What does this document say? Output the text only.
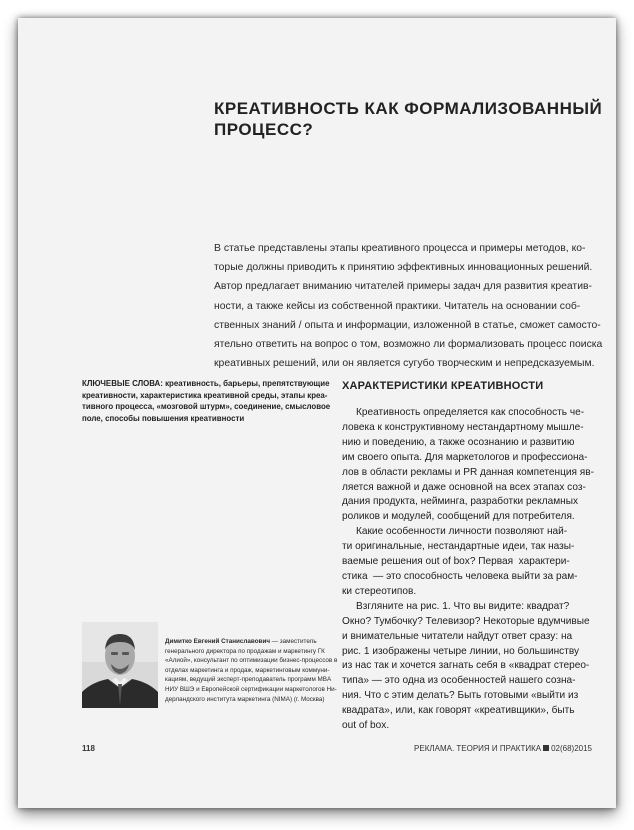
КРЕАТИВНОСТЬ КАК ФОРМАЛИЗОВАННЫЙ
ПРОЦЕСС?
В статье представлены этапы креативного процесса и примеры методов, ко-
торые должны приводить к принятию эффективных инновационных решений.
Автор предлагает вниманию читателей примеры задач для развития креатив-
ности, а также кейсы из собственной практики. Читатель на основании соб-
ственных знаний / опыта и информации, изложенной в статье, сможет самосто-
ятельно ответить на вопрос о том, возможно ли формализовать процесс поиска
креативных решений, или он является сугубо творческим и непредсказуемым.
КЛЮЧЕВЫЕ СЛОВА: креативность, барьеры, препятствующие
креативности, характеристика креативной среды, этапы креа-
тивного процесса, «мозговой штурм», соединение, смысловое
поле, способы повышения креативности
ХАРАКТЕРИСТИКИ КРЕАТИВНОСТИ
Креативность определяется как способность че-
ловека к конструктивному нестандартному мышле-
нию и поведению, а также осознанию и развитию
им своего опыта. Для маркетологов и профессиона-
лов в области рекламы и PR данная компетенция яв-
ляется важной и даже основной на всех этапах соз-
дания продукта, нейминга, разработки рекламных
роликов и модулей, сообщений для потребителя.
Какие особенности личности позволяют най-
ти оригинальные, нестандартные идеи, так назы-
ваемые решения out of box? Первая  характери-
стика  — это способность человека выйти за рам-
ки стереотипов.
Взгляните на рис. 1. Что вы видите: квадрат?
Окно? Тумбочку? Телевизор? Некоторые вдумчивые
и внимательные читатели найдут ответ сразу: на
рис. 1 изображены четыре линии, но большинству
из нас так и хочется загнать себя в «квадрат стерео-
типа» — это одна из особенностей нашего созна-
ния. Что с этим делать? Быть готовыми «выйти из
квадрата», или, как говорят «креативщики», быть
out of box.
Димитко Евгений Станиславович — заместитель
генерального директора по продажам и маркетингу ГК
«Алиой», консультант по оптимизации бизнес-процессов в
отделах маркетинга и продаж, маркетинговым коммуни-
кациям, ведущий эксперт-преподаватель программ MBA
НИУ ВШЭ и Европейской сертификации маркетологов Ни-
дерландского института маркетинга (NIMA) (г. Москва)
118	РЕКЛАМА. ТЕОРИЯ И ПРАКТИКА 02(68)2015
